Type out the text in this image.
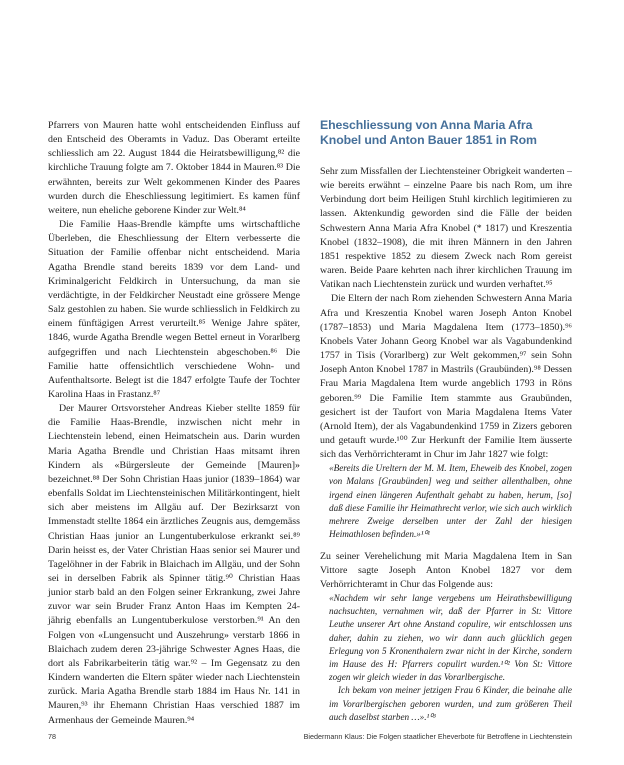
Pfarrers von Mauren hatte wohl entscheidenden Einfluss auf den Entscheid des Oberamts in Vaduz. Das Oberamt erteilte schliesslich am 22. August 1844 die Heiratsbewilligung,⁸² die kirchliche Trauung folgte am 7. Oktober 1844 in Mauren.⁸³ Die erwähnten, bereits zur Welt gekommenen Kinder des Paares wurden durch die Eheschliessung legitimiert. Es kamen fünf weitere, nun eheliche geborene Kinder zur Welt.⁸⁴

Die Familie Haas-Brendle kämpfte ums wirtschaftliche Überleben, die Eheschliessung der Eltern verbesserte die Situation der Familie offenbar nicht entscheidend. Maria Agatha Brendle stand bereits 1839 vor dem Land- und Kriminalgericht Feldkirch in Untersuchung, da man sie verdächtigte, in der Feldkircher Neustadt eine grössere Menge Salz gestohlen zu haben. Sie wurde schliesslich in Feldkirch zu einem fünftägigen Arrest verurteilt.⁸⁵ Wenige Jahre später, 1846, wurde Agatha Brendle wegen Bettel erneut in Vorarlberg aufgegriffen und nach Liechtenstein abgeschoben.⁸⁶ Die Familie hatte offensichtlich verschiedene Wohn- und Aufenthaltsorte. Belegt ist die 1847 erfolgte Taufe der Tochter Karolina Haas in Frastanz.⁸⁷

Der Maurer Ortsvorsteher Andreas Kieber stellte 1859 für die Familie Haas-Brendle, inzwischen nicht mehr in Liechtenstein lebend, einen Heimatschein aus. Darin wurden Maria Agatha Brendle und Christian Haas mitsamt ihren Kindern als «Bürgersleute der Gemeinde [Mauren]» bezeichnet.⁸⁸ Der Sohn Christian Haas junior (1839–1864) war ebenfalls Soldat im Liechtensteinischen Militärkontingent, hielt sich aber meistens im Allgäu auf. Der Bezirksarzt von Immenstadt stellte 1864 ein ärztliches Zeugnis aus, demgemäss Christian Haas junior an Lungentuberkulose erkrankt sei.⁸⁹ Darin heisst es, der Vater Christian Haas senior sei Maurer und Tagelöhner in der Fabrik in Blaichach im Allgäu, und der Sohn sei in derselben Fabrik als Spinner tätig.⁹⁰ Christian Haas junior starb bald an den Folgen seiner Erkrankung, zwei Jahre zuvor war sein Bruder Franz Anton Haas im Kempten 24-jährig ebenfalls an Lungentuberkulose verstorben.⁹¹ An den Folgen von «Lungensucht und Auszehrung» verstarb 1866 in Blaichach zudem deren 23-jährige Schwester Agnes Haas, die dort als Fabrikarbeiterin tätig war.⁹² – Im Gegensatz zu den Kindern wanderten die Eltern später wieder nach Liechtenstein zurück. Maria Agatha Brendle starb 1884 im Haus Nr. 141 in Mauren,⁹³ ihr Ehemann Christian Haas verschied 1887 im Armenhaus der Gemeinde Mauren.⁹⁴

Eheschliessung von Anna Maria Afra Knobel und Anton Bauer 1851 in Rom

Sehr zum Missfallen der Liechtensteiner Obrigkeit wanderten – wie bereits erwähnt – einzelne Paare bis nach Rom, um ihre Verbindung dort beim Heiligen Stuhl kirchlich legitimieren zu lassen. Aktenkundig geworden sind die Fälle der beiden Schwestern Anna Maria Afra Knobel (* 1817) und Kreszentia Knobel (1832–1908), die mit ihren Männern in den Jahren 1851 respektive 1852 zu diesem Zweck nach Rom gereist waren. Beide Paare kehrten nach ihrer kirchlichen Trauung im Vatikan nach Liechtenstein zurück und wurden verhaftet.⁹⁵

Die Eltern der nach Rom ziehenden Schwestern Anna Maria Afra und Kreszentia Knobel waren Joseph Anton Knobel (1787–1853) und Maria Magdalena Item (1773–1850).⁹⁶ Knobels Vater Johann Georg Knobel war als Vagabundenkind 1757 in Tisis (Vorarlberg) zur Welt gekommen,⁹⁷ sein Sohn Joseph Anton Knobel 1787 in Mastrils (Graubünden).⁹⁸ Dessen Frau Maria Magdalena Item wurde angeblich 1793 in Röns geboren.⁹⁹ Die Familie Item stammte aus Graubünden, gesichert ist der Taufort von Maria Magdalena Items Vater (Arnold Item), der als Vagabundenkind 1759 in Zizers geboren und getauft wurde.¹⁰⁰ Zur Herkunft der Familie Item äusserte sich das Verhörrichteramt in Chur im Jahr 1827 wie folgt:

«Bereits die Ureltern der M. M. Item, Eheweib des Knobel, zogen von Malans [Graubünden] weg und seither allenthalben, ohne irgend einen längeren Aufenthalt gehabt zu haben, herum, [so] daß diese Familie ihr Heimathrecht verlor, wie sich auch wirklich mehrere Zweige derselben unter der Zahl der hiesigen Heimathlosen befinden.»¹⁰¹

Zu seiner Verehelichung mit Maria Magdalena Item in San Vittore sagte Joseph Anton Knobel 1827 vor dem Verhörrichteramt in Chur das Folgende aus:

«Nachdem wir sehr lange vergebens um Heirathsbewilligung nachsuchten, vernahmen wir, daß der Pfarrer in St: Vittore Leuthe unserer Art ohne Anstand copulire, wir entschlossen uns daher, dahin zu ziehen, wo wir dann auch glücklich gegen Erlegung von 5 Kronenthalern zwar nicht in der Kirche, sondern im Hause des H: Pfarrers copulirt wurden.¹⁰² Von St: Vittore zogen wir gleich wieder in das Vorarlbergische.

Ich bekam von meiner jetzigen Frau 6 Kinder, die beinahe alle im Vorarlbergischen geboren wurden, und zum größeren Theil auch daselbst starben …».¹⁰³

78	Biedermann Klaus: Die Folgen staatlicher Eheverbote für Betroffene in Liechtenstein
